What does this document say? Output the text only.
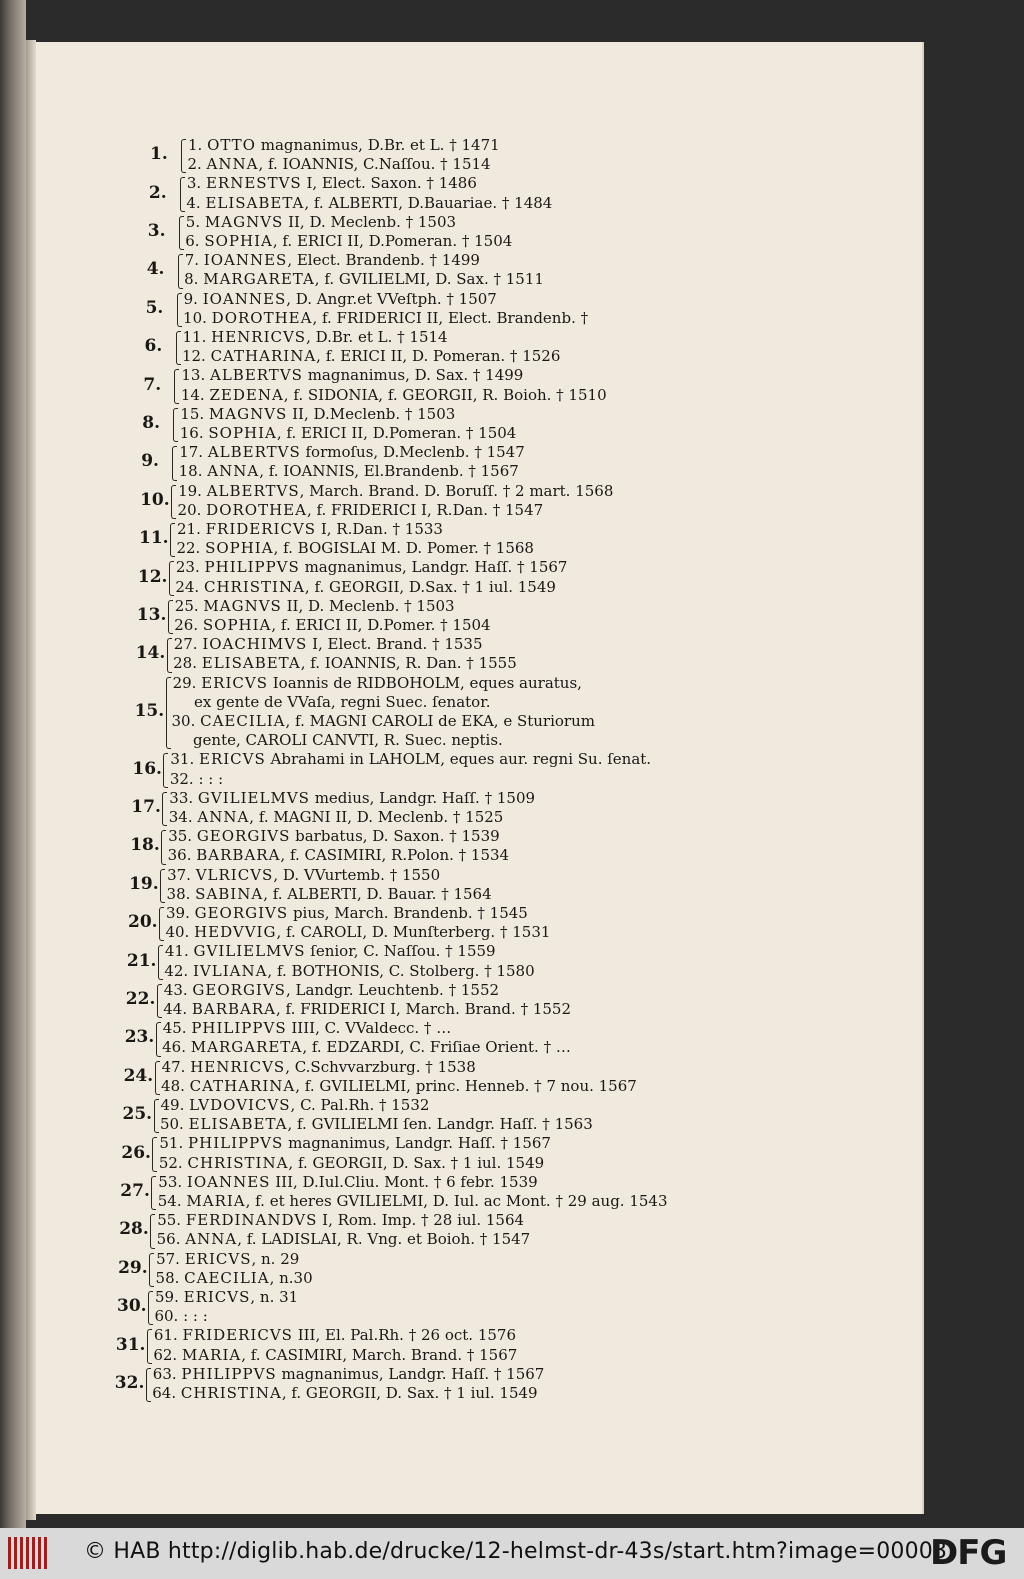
1. OTTO magnanimus, D.Br. et L. † 1471
2. ANNA, f. IOANNIS, C.Naſſou. † 1514
3. ERNESTVS I, Elect. Saxon. † 1486
4. ELISABETA, f. ALBERTI, D.Bauariae. † 1484
5. MAGNVS II, D. Meclenb. † 1503
6. SOPHIA, f. ERICI II, D.Pomeran. † 1504
7. IOANNES, Elect. Brandenb. † 1499
8. MARGARETA, f. GVILIELMI, D. Sax. † 1511
9. IOANNES, D. Angr.et VVeſtph. † 1507
10. DOROTHEA, f. FRIDERICI II, Elect. Brandenb. †
11. HENRICVS, D.Br. et L. † 1514
12. CATHARINA, f. ERICI II, D. Pomeran. † 1526
13. ALBERTVS magnanimus, D. Sax. † 1499
14. ZEDENA, f. SIDONIA, f. GEORGII, R. Boioh. † 1510
15. MAGNVS II, D.Meclenb. † 1503
16. SOPHIA, f. ERICI II, D.Pomeran. † 1504
17. ALBERTVS formoſus, D.Meclenb. † 1547
18. ANNA, f. IOANNIS, El.Brandenb. † 1567
19. ALBERTVS, March. Brand. D. Boruſſ. † 2 mart. 1568
20. DOROTHEA, f. FRIDERICI I, R.Dan. † 1547
21. FRIDERICVS I, R.Dan. † 1533
22. SOPHIA, f. BOGISLAI M. D. Pomer. † 1568
23. PHILIPPVS magnanimus, Landgr. Haſſ. † 1567
24. CHRISTINA, f. GEORGII, D.Sax. † 1 iul. 1549
25. MAGNVS II, D. Meclenb. † 1503
26. SOPHIA, f. ERICI II, D.Pomer. † 1504
27. IOACHIMVS I, Elect. Brand. † 1535
28. ELISABETA, f. IOANNIS, R. Dan. † 1555
29. ERICVS Ioannis de RIDBOHOLM, eques auratus,
ex gente de VVaſa, regni Suec. ſenator.
30. CAECILIA, f. MAGNI CAROLI de EKA, e Sturiorum
gente, CAROLI CANVTI, R. Suec. neptis.
31. ERICVS Abrahami in LAHOLM, eques aur. regni Su. ſenat.
32. : : :
33. GVILIELMVS medius, Landgr. Haſſ. † 1509
34. ANNA, f. MAGNI II, D. Meclenb. † 1525
35. GEORGIVS barbatus, D. Saxon. † 1539
36. BARBARA, f. CASIMIRI, R.Polon. † 1534
37. VLRICVS, D. VVurtemb. † 1550
38. SABINA, f. ALBERTI, D. Bauar. † 1564
39. GEORGIVS pius, March. Brandenb. † 1545
40. HEDVVIG, f. CAROLI, D. Munſterberg. † 1531
41. GVILIELMVS ſenior, C. Naſſou. † 1559
42. IVLIANA, f. BOTHONIS, C. Stolberg. † 1580
43. GEORGIVS, Landgr. Leuchtenb. † 1552
44. BARBARA, f. FRIDERICI I, March. Brand. † 1552
45. PHILIPPVS IIII, C. VValdecc. † …
46. MARGARETA, f. EDZARDI, C. Friſiae Orient. † …
47. HENRICVS, C.Schvvarzburg. † 1538
48. CATHARINA, f. GVILIELMI, princ. Henneb. † 7 nou. 1567
49. LVDOVICVS, C. Pal.Rh. † 1532
50. ELISABETA, f. GVILIELMI ſen. Landgr. Haſſ. † 1563
51. PHILIPPVS magnanimus, Landgr. Haſſ. † 1567
52. CHRISTINA, f. GEORGII, D. Sax. † 1 iul. 1549
53. IOANNES III, D.Iul.Cliu. Mont. † 6 febr. 1539
54. MARIA, f. et heres GVILIELMI, D. Iul. ac Mont. † 29 aug. 1543
55. FERDINANDVS I, Rom. Imp. † 28 iul. 1564
56. ANNA, f. LADISLAI, R. Vng. et Boioh. † 1547
57. ERICVS, n. 29
58. CAECILIA, n.30
59. ERICVS, n. 31
60. : : :
61. FRIDERICVS III, El. Pal.Rh. † 26 oct. 1576
62. MARIA, f. CASIMIRI, March. Brand. † 1567
63. PHILIPPVS magnanimus, Landgr. Haſſ. † 1567
64. CHRISTINA, f. GEORGII, D. Sax. † 1 iul. 1549
1.
2.
3.
4.
5.
6.
7.
8.
9.
10.
11.
12.
13.
14.
15.
16.
17.
18.
19.
20.
21.
22.
23.
24.
25.
26.
27.
28.
29.
30.
31.
32.
© HAB http://diglib.hab.de/drucke/12-helmst-dr-43s/start.htm?image=00003
DFG
